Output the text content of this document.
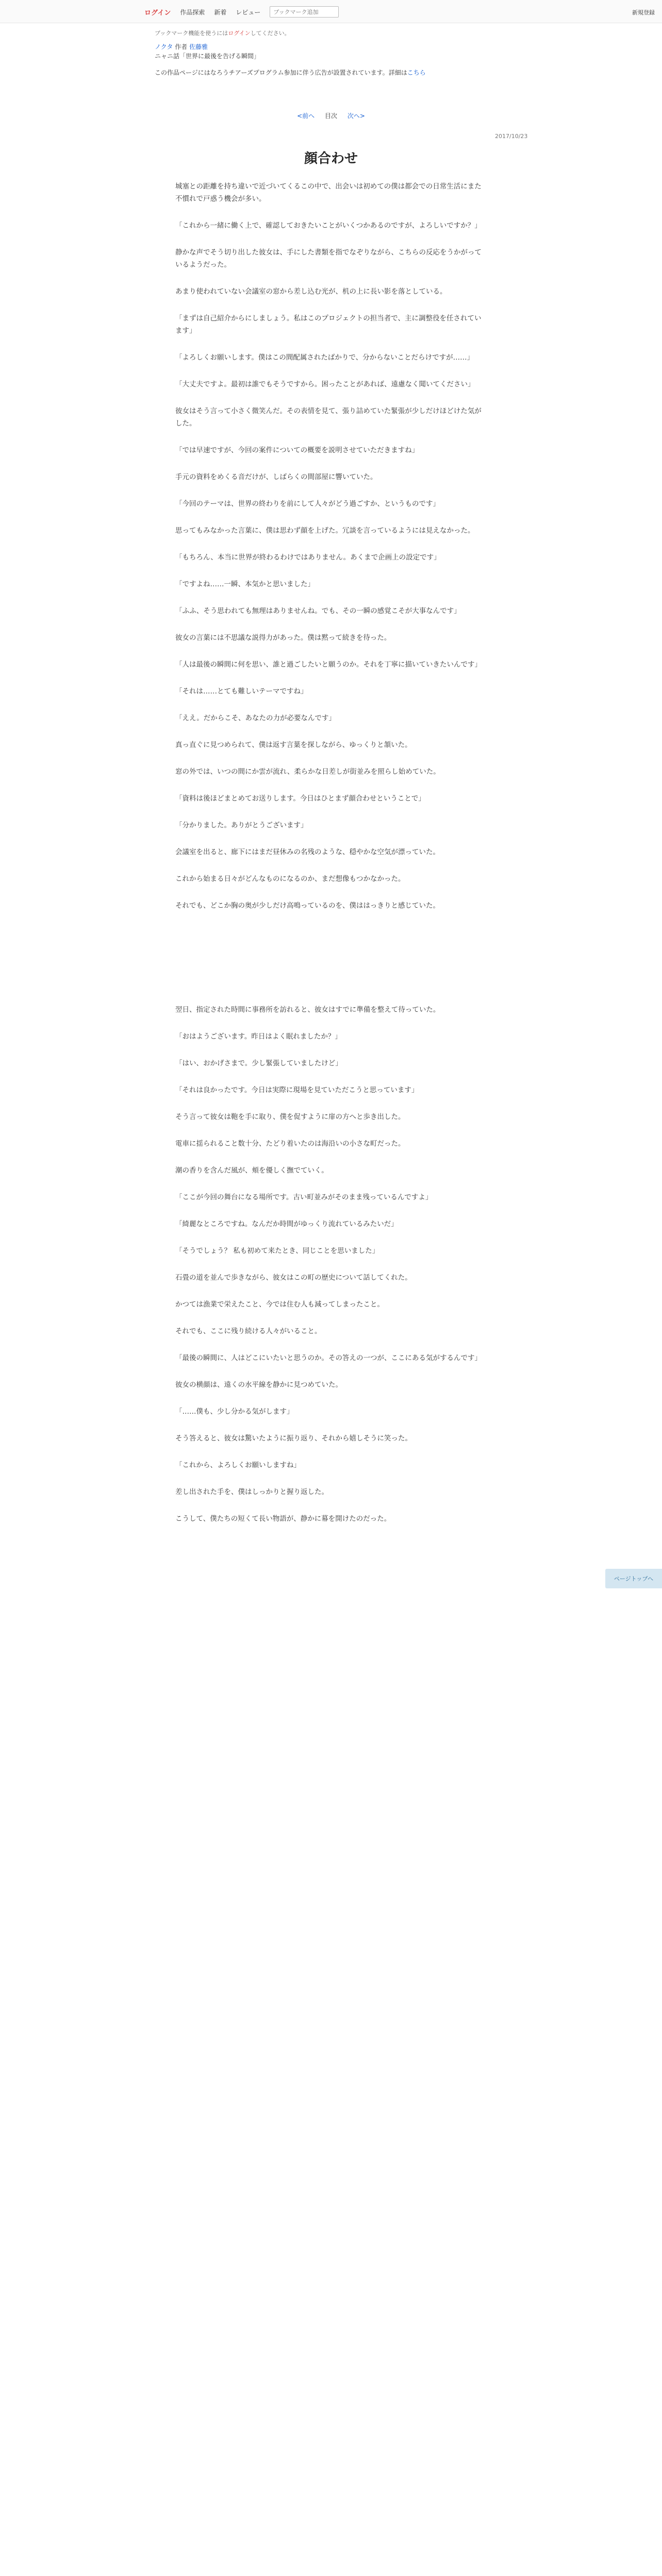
ログイン 作品探索 新着 レビュー
ブックマーク追加	新規登録
ブックマーク機能を使うにはログインしてください。
ノクタ 作者 佐藤雅
ニャニ話「世界に最後を告げる瞬間」
この作品ページにはなろうチアーズプログラム参加に伴う広告が設置されています。詳細はこちら
<前へ 目次 次へ>
2017/10/23
顔合わせ

城塞との距離を持ち違いで近づいてくるこの中で、出会いは初めての僕は都会での日常生活にまた不慣れで戸惑う機会が多い。

「これから一緒に働く上で、確認しておきたいことがいくつかあるのですが、よろしいですか？」

静かな声でそう切り出した彼女は、手にした書類を指でなぞりながら、こちらの反応をうかがっているようだった。

あまり使われていない会議室の窓から差し込む光が、机の上に長い影を落としている。

「まずは自己紹介からにしましょう。私はこのプロジェクトの担当者で、主に調整役を任されています」

「よろしくお願いします。僕はこの間配属されたばかりで、分からないことだらけですが……」

「大丈夫ですよ。最初は誰でもそうですから。困ったことがあれば、遠慮なく聞いてください」

彼女はそう言って小さく微笑んだ。その表情を見て、張り詰めていた緊張が少しだけほどけた気がした。

「では早速ですが、今回の案件についての概要を説明させていただきますね」

手元の資料をめくる音だけが、しばらくの間部屋に響いていた。

「今回のテーマは、世界の終わりを前にして人々がどう過ごすか、というものです」

思ってもみなかった言葉に、僕は思わず顔を上げた。冗談を言っているようには見えなかった。

「もちろん、本当に世界が終わるわけではありません。あくまで企画上の設定です」

「ですよね……一瞬、本気かと思いました」

「ふふ、そう思われても無理はありませんね。でも、その一瞬の感覚こそが大事なんです」

彼女の言葉には不思議な説得力があった。僕は黙って続きを待った。

「人は最後の瞬間に何を思い、誰と過ごしたいと願うのか。それを丁寧に描いていきたいんです」

「それは……とても難しいテーマですね」

「ええ。だからこそ、あなたの力が必要なんです」

真っ直ぐに見つめられて、僕は返す言葉を探しながら、ゆっくりと頷いた。

窓の外では、いつの間にか雲が流れ、柔らかな日差しが街並みを照らし始めていた。

「資料は後ほどまとめてお送りします。今日はひとまず顔合わせということで」

「分かりました。ありがとうございます」

会議室を出ると、廊下にはまだ昼休みの名残のような、穏やかな空気が漂っていた。

これから始まる日々がどんなものになるのか、まだ想像もつかなかった。

それでも、どこか胸の奥が少しだけ高鳴っているのを、僕ははっきりと感じていた。

翌日、指定された時間に事務所を訪れると、彼女はすでに準備を整えて待っていた。

「おはようございます。昨日はよく眠れましたか？」

「はい、おかげさまで。少し緊張していましたけど」

「それは良かったです。今日は実際に現場を見ていただこうと思っています」

そう言って彼女は鞄を手に取り、僕を促すように扉の方へと歩き出した。

電車に揺られること数十分、たどり着いたのは海沿いの小さな町だった。

潮の香りを含んだ風が、頬を優しく撫でていく。

「ここが今回の舞台になる場所です。古い町並みがそのまま残っているんですよ」

「綺麗なところですね。なんだか時間がゆっくり流れているみたいだ」

「そうでしょう？ 私も初めて来たとき、同じことを思いました」

石畳の道を並んで歩きながら、彼女はこの町の歴史について話してくれた。

かつては漁業で栄えたこと、今では住む人も減ってしまったこと。

それでも、ここに残り続ける人々がいること。

「最後の瞬間に、人はどこにいたいと思うのか。その答えの一つが、ここにある気がするんです」

彼女の横顔は、遠くの水平線を静かに見つめていた。

「……僕も、少し分かる気がします」

そう答えると、彼女は驚いたように振り返り、それから嬉しそうに笑った。

「これから、よろしくお願いしますね」

差し出された手を、僕はしっかりと握り返した。

こうして、僕たちの短くて長い物語が、静かに幕を開けたのだった。

ページトップへ
